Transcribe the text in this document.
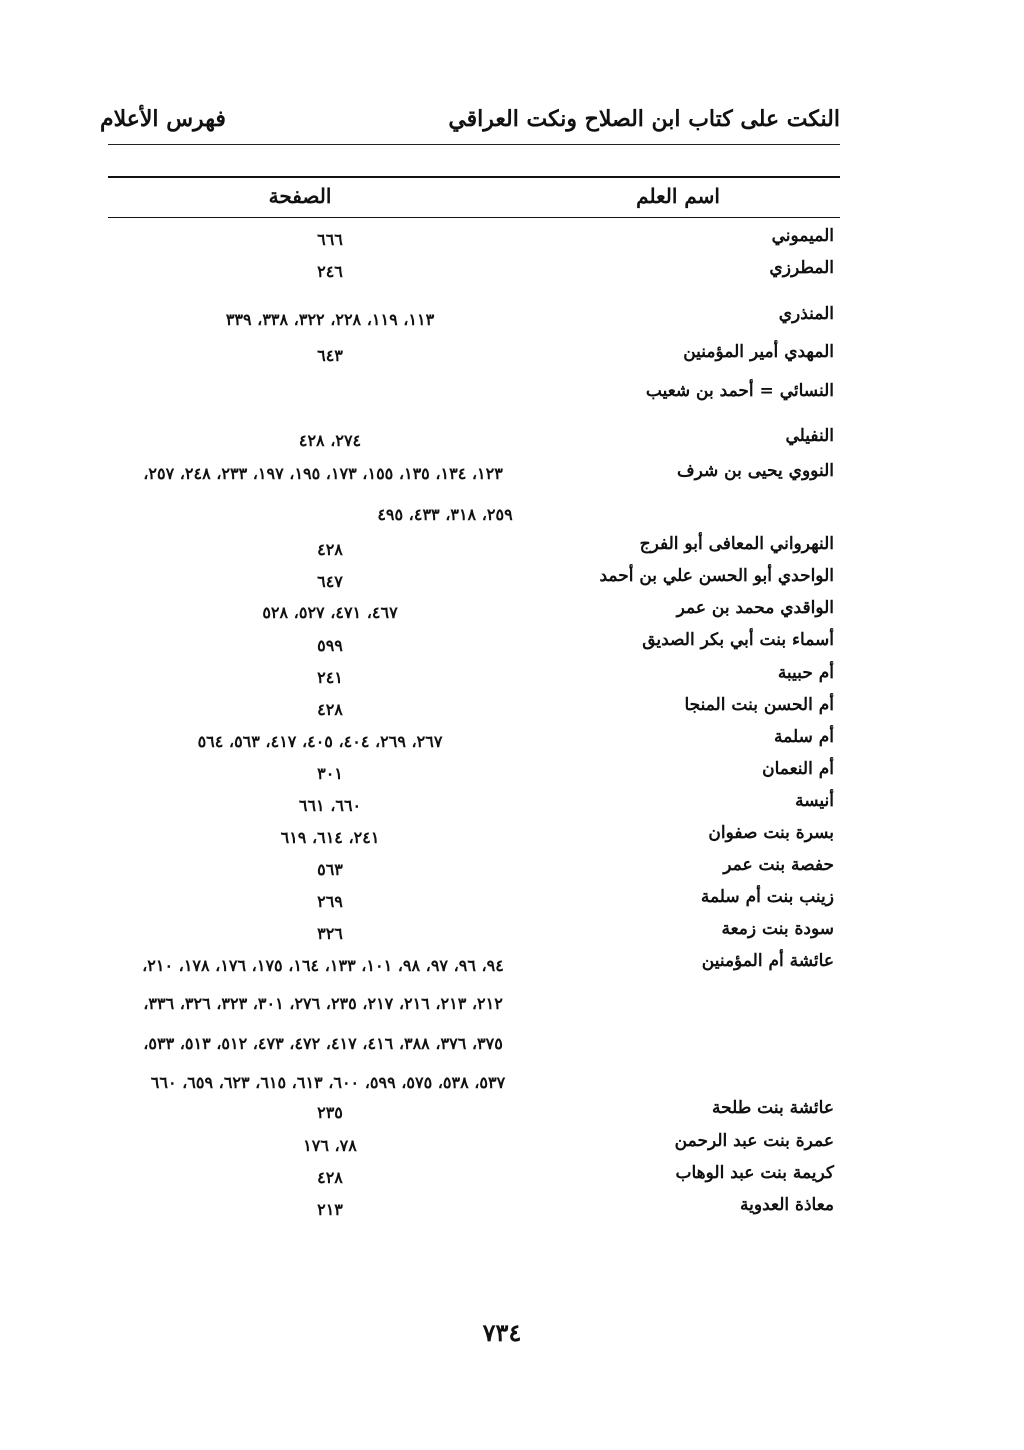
النكت على كتاب ابن الصلاح ونكت العراقي
فهرس الأعلام
اسم العلم
الصفحة
الميموني
٦٦٦
المطرزي
٢٤٦
المنذري
١١٣، ١١٩، ٢٢٨، ٣٢٢، ٣٣٨، ٣٣٩
المهدي أمير المؤمنين
٦٤٣
النسائي = أحمد بن شعيب
النفيلي
٢٧٤، ٤٢٨
النووي يحيى بن شرف
١٢٣، ١٣٤، ١٣٥، ١٥٥، ١٧٣، ١٩٥، ١٩٧، ٢٣٣، ٢٤٨، ٢٥٧،
٢٥٩، ٣١٨، ٤٣٣، ٤٩٥
النهرواني المعافى أبو الفرج
٤٢٨
الواحدي أبو الحسن علي بن أحمد
٦٤٧
الواقدي محمد بن عمر
٤٦٧، ٤٧١، ٥٢٧، ٥٢٨
أسماء بنت أبي بكر الصديق
٥٩٩
أم حبيبة
٢٤١
أم الحسن بنت المنجا
٤٢٨
أم سلمة
٢٦٧، ٢٦٩، ٤٠٤، ٤٠٥، ٤١٧، ٥٦٣، ٥٦٤
أم النعمان
٣٠١
أنيسة
٦٦٠، ٦٦١
بسرة بنت صفوان
٢٤١، ٦١٤، ٦١٩
حفصة بنت عمر
٥٦٣
زينب بنت أم سلمة
٢٦٩
سودة بنت زمعة
٣٢٦
عائشة أم المؤمنين
٩٤، ٩٦، ٩٧، ٩٨، ١٠١، ١٣٣، ١٦٤، ١٧٥، ١٧٦، ١٧٨، ٢١٠،
٢١٢، ٢١٣، ٢١٦، ٢١٧، ٢٣٥، ٢٧٦، ٣٠١، ٣٢٣، ٣٢٦، ٣٣٦،
٣٧٥، ٣٧٦، ٣٨٨، ٤١٦، ٤١٧، ٤٧٢، ٤٧٣، ٥١٢، ٥١٣، ٥٣٣،
٥٣٧، ٥٣٨، ٥٧٥، ٥٩٩، ٦٠٠، ٦١٣، ٦١٥، ٦٢٣، ٦٥٩، ٦٦٠
عائشة بنت طلحة
٢٣٥
عمرة بنت عبد الرحمن
٧٨، ١٧٦
كريمة بنت عبد الوهاب
٤٢٨
معاذة العدوية
٢١٣
٧٣٤
